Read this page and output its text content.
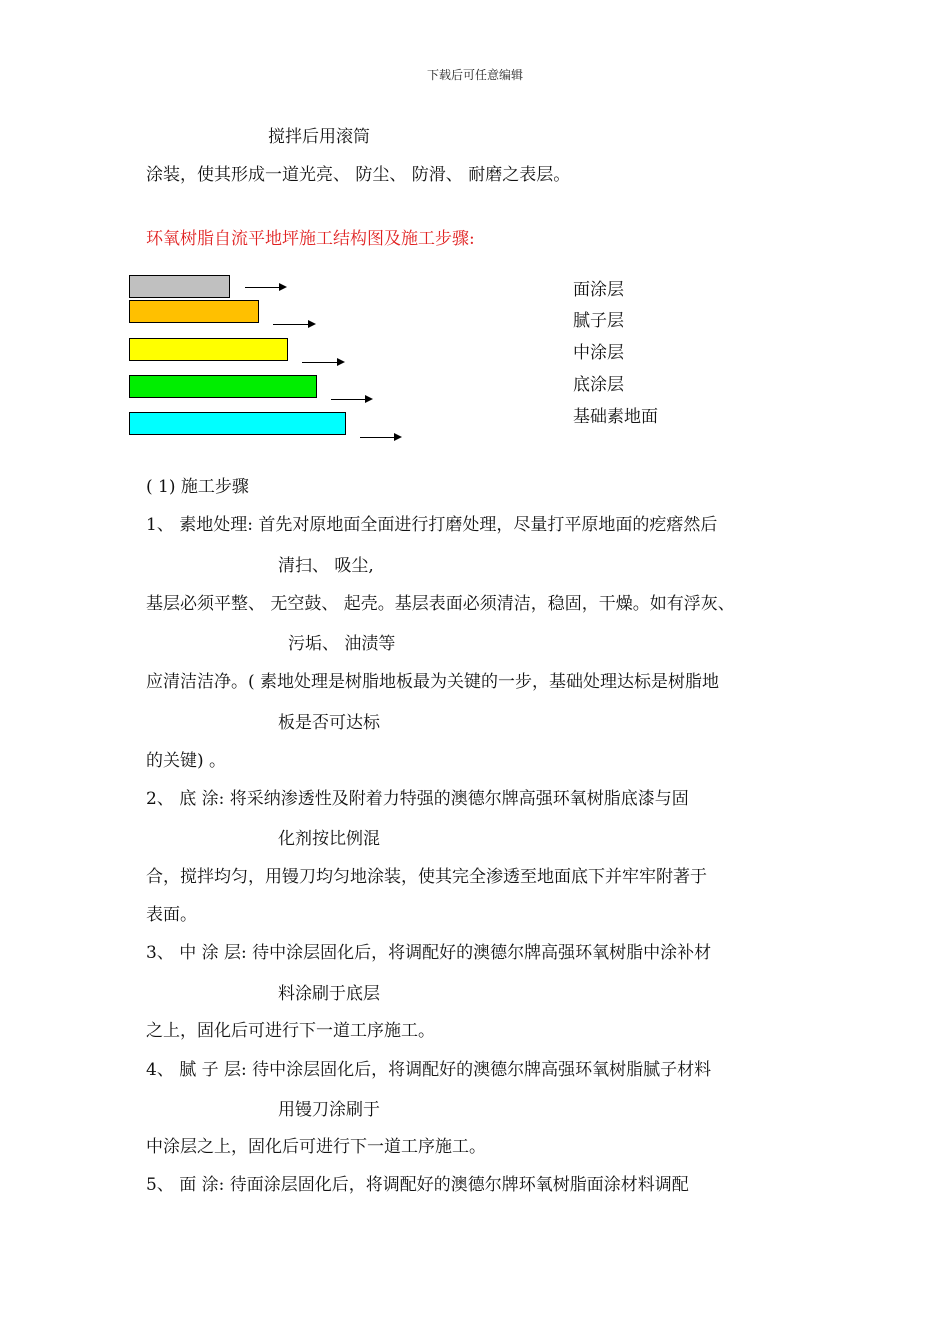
下载后可任意编辑
搅拌后用滚筒
涂装，使其形成一道光亮、 防尘、 防滑、 耐磨之表层。
环氧树脂自流平地坪施工结构图及施工步骤:
面涂层
腻子层
中涂层
底涂层
基础素地面
( 1) 施工步骤
1、 素地处理: 首先对原地面全面进行打磨处理，尽量打平原地面的疙瘩然后
清扫、 吸尘,
基层必须平整、 无空鼓、 起壳。基层表面必须清洁，稳固，干燥。如有浮灰、
污垢、 油渍等
应清洁洁净。( 素地处理是树脂地板最为关键的一步，基础处理达标是树脂地
板是否可达标
的关键) 。
2、 底 涂: 将采纳渗透性及附着力特强的澳德尔牌高强环氧树脂底漆与固
化剂按比例混
合，搅拌均匀，用镘刀均匀地涂装，使其完全渗透至地面底下并牢牢附著于
表面。
3、 中 涂 层: 待中涂层固化后，将调配好的澳德尔牌高强环氧树脂中涂补材
料涂刷于底层
之上，固化后可进行下一道工序施工。
4、 腻 子 层: 待中涂层固化后，将调配好的澳德尔牌高强环氧树脂腻子材料
用镘刀涂刷于
中涂层之上，固化后可进行下一道工序施工。
5、 面 涂: 待面涂层固化后，将调配好的澳德尔牌环氧树脂面涂材料调配
